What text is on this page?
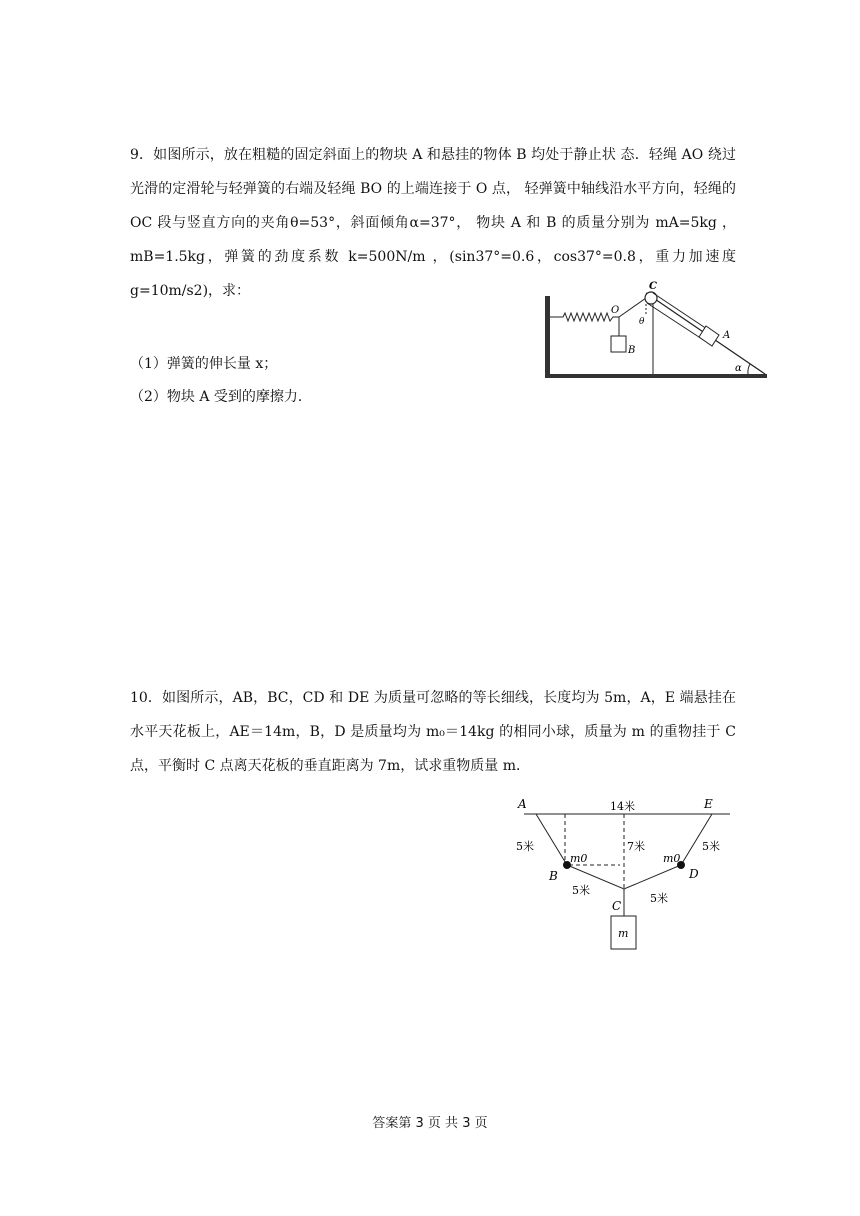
9．如图所示，放在粗糙的固定斜面上的物块 A 和悬挂的物体 B 均处于静止状 态．轻绳 AO 绕过光滑的定滑轮与轻弹簧的右端及轻绳 BO 的上端连接于 O 点， 轻弹簧中轴线沿水平方向，轻绳的 OC 段与竖直方向的夹角θ=53°，斜面倾角α=37°， 物块 A 和 B 的质量分别为 mA=5kg ，mB=1.5kg，弹簧的劲度系数 k=500N/m ，(sin37°=0.6，cos37°=0.8，重力加速度 g=10m/s2)，求：
（1）弹簧的伸长量 x；
（2）物块 A 受到的摩擦力．
O
C
θ
A
B
α
10．如图所示，AB，BC，CD 和 DE 为质量可忽略的等长细线，长度均为 5m，A，E 端悬挂在水平天花板上，AE＝14m，B，D 是质量均为 m₀＝14kg 的相同小球，质量为 m 的重物挂于 C 点，平衡时 C 点离天花板的垂直距离为 7m，试求重物质量 m．
A	E
14米
7米
5米	5米
5米
5米
B	D
C
m0	m0
m
答案第 3 页 共 3 页
